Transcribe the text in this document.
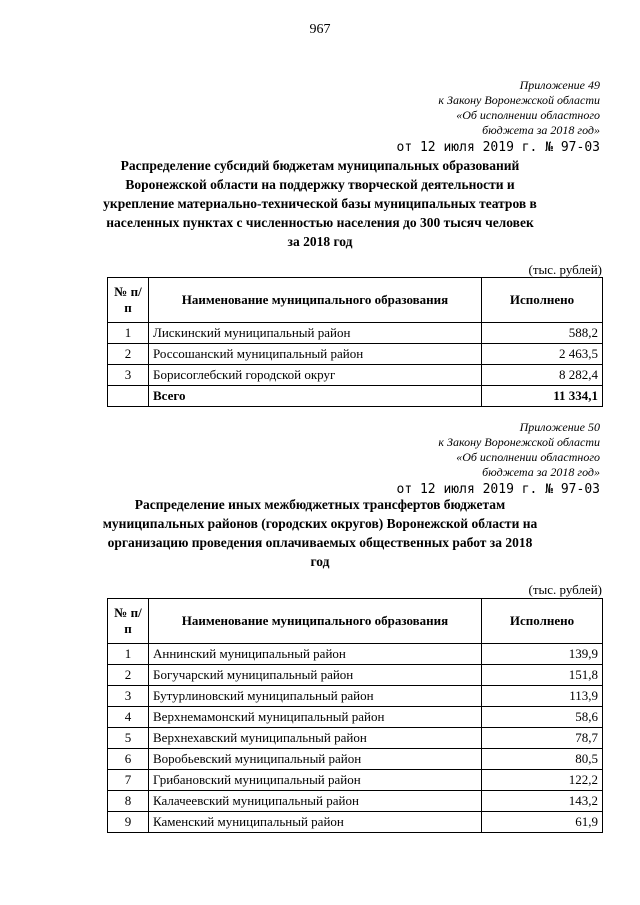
967
Приложение 49
к Закону Воронежской области
«Об исполнении областного
бюджета за 2018 год»
от 12 июля 2019 г. № 97-03
Распределение субсидий бюджетам муниципальных образований Воронежской области на поддержку творческой деятельности и укрепление материально-технической базы муниципальных театров в населенных пунктах с численностью населения до 300 тысяч человек за 2018 год
(тыс. рублей)
№ п/п	Наименование муниципального образования	Исполнено
1	Лискинский муниципальный район	588,2
2	Россошанский муниципальный район	2 463,5
3	Борисоглебский городской округ	8 282,4
	Всего	11 334,1
Приложение 50
к Закону Воронежской области
«Об исполнении областного
бюджета за 2018 год»
от 12 июля 2019 г. № 97-03
Распределение иных межбюджетных трансфертов бюджетам муниципальных районов (городских округов) Воронежской области на организацию проведения оплачиваемых общественных работ за 2018 год
(тыс. рублей)
№ п/п	Наименование муниципального образования	Исполнено
1	Аннинский муниципальный район	139,9
2	Богучарский муниципальный район	151,8
3	Бутурлиновский муниципальный район	113,9
4	Верхнемамонский муниципальный район	58,6
5	Верхнехавский муниципальный район	78,7
6	Воробьевский муниципальный район	80,5
7	Грибановский муниципальный район	122,2
8	Калачеевский муниципальный район	143,2
9	Каменский муниципальный район	61,9
